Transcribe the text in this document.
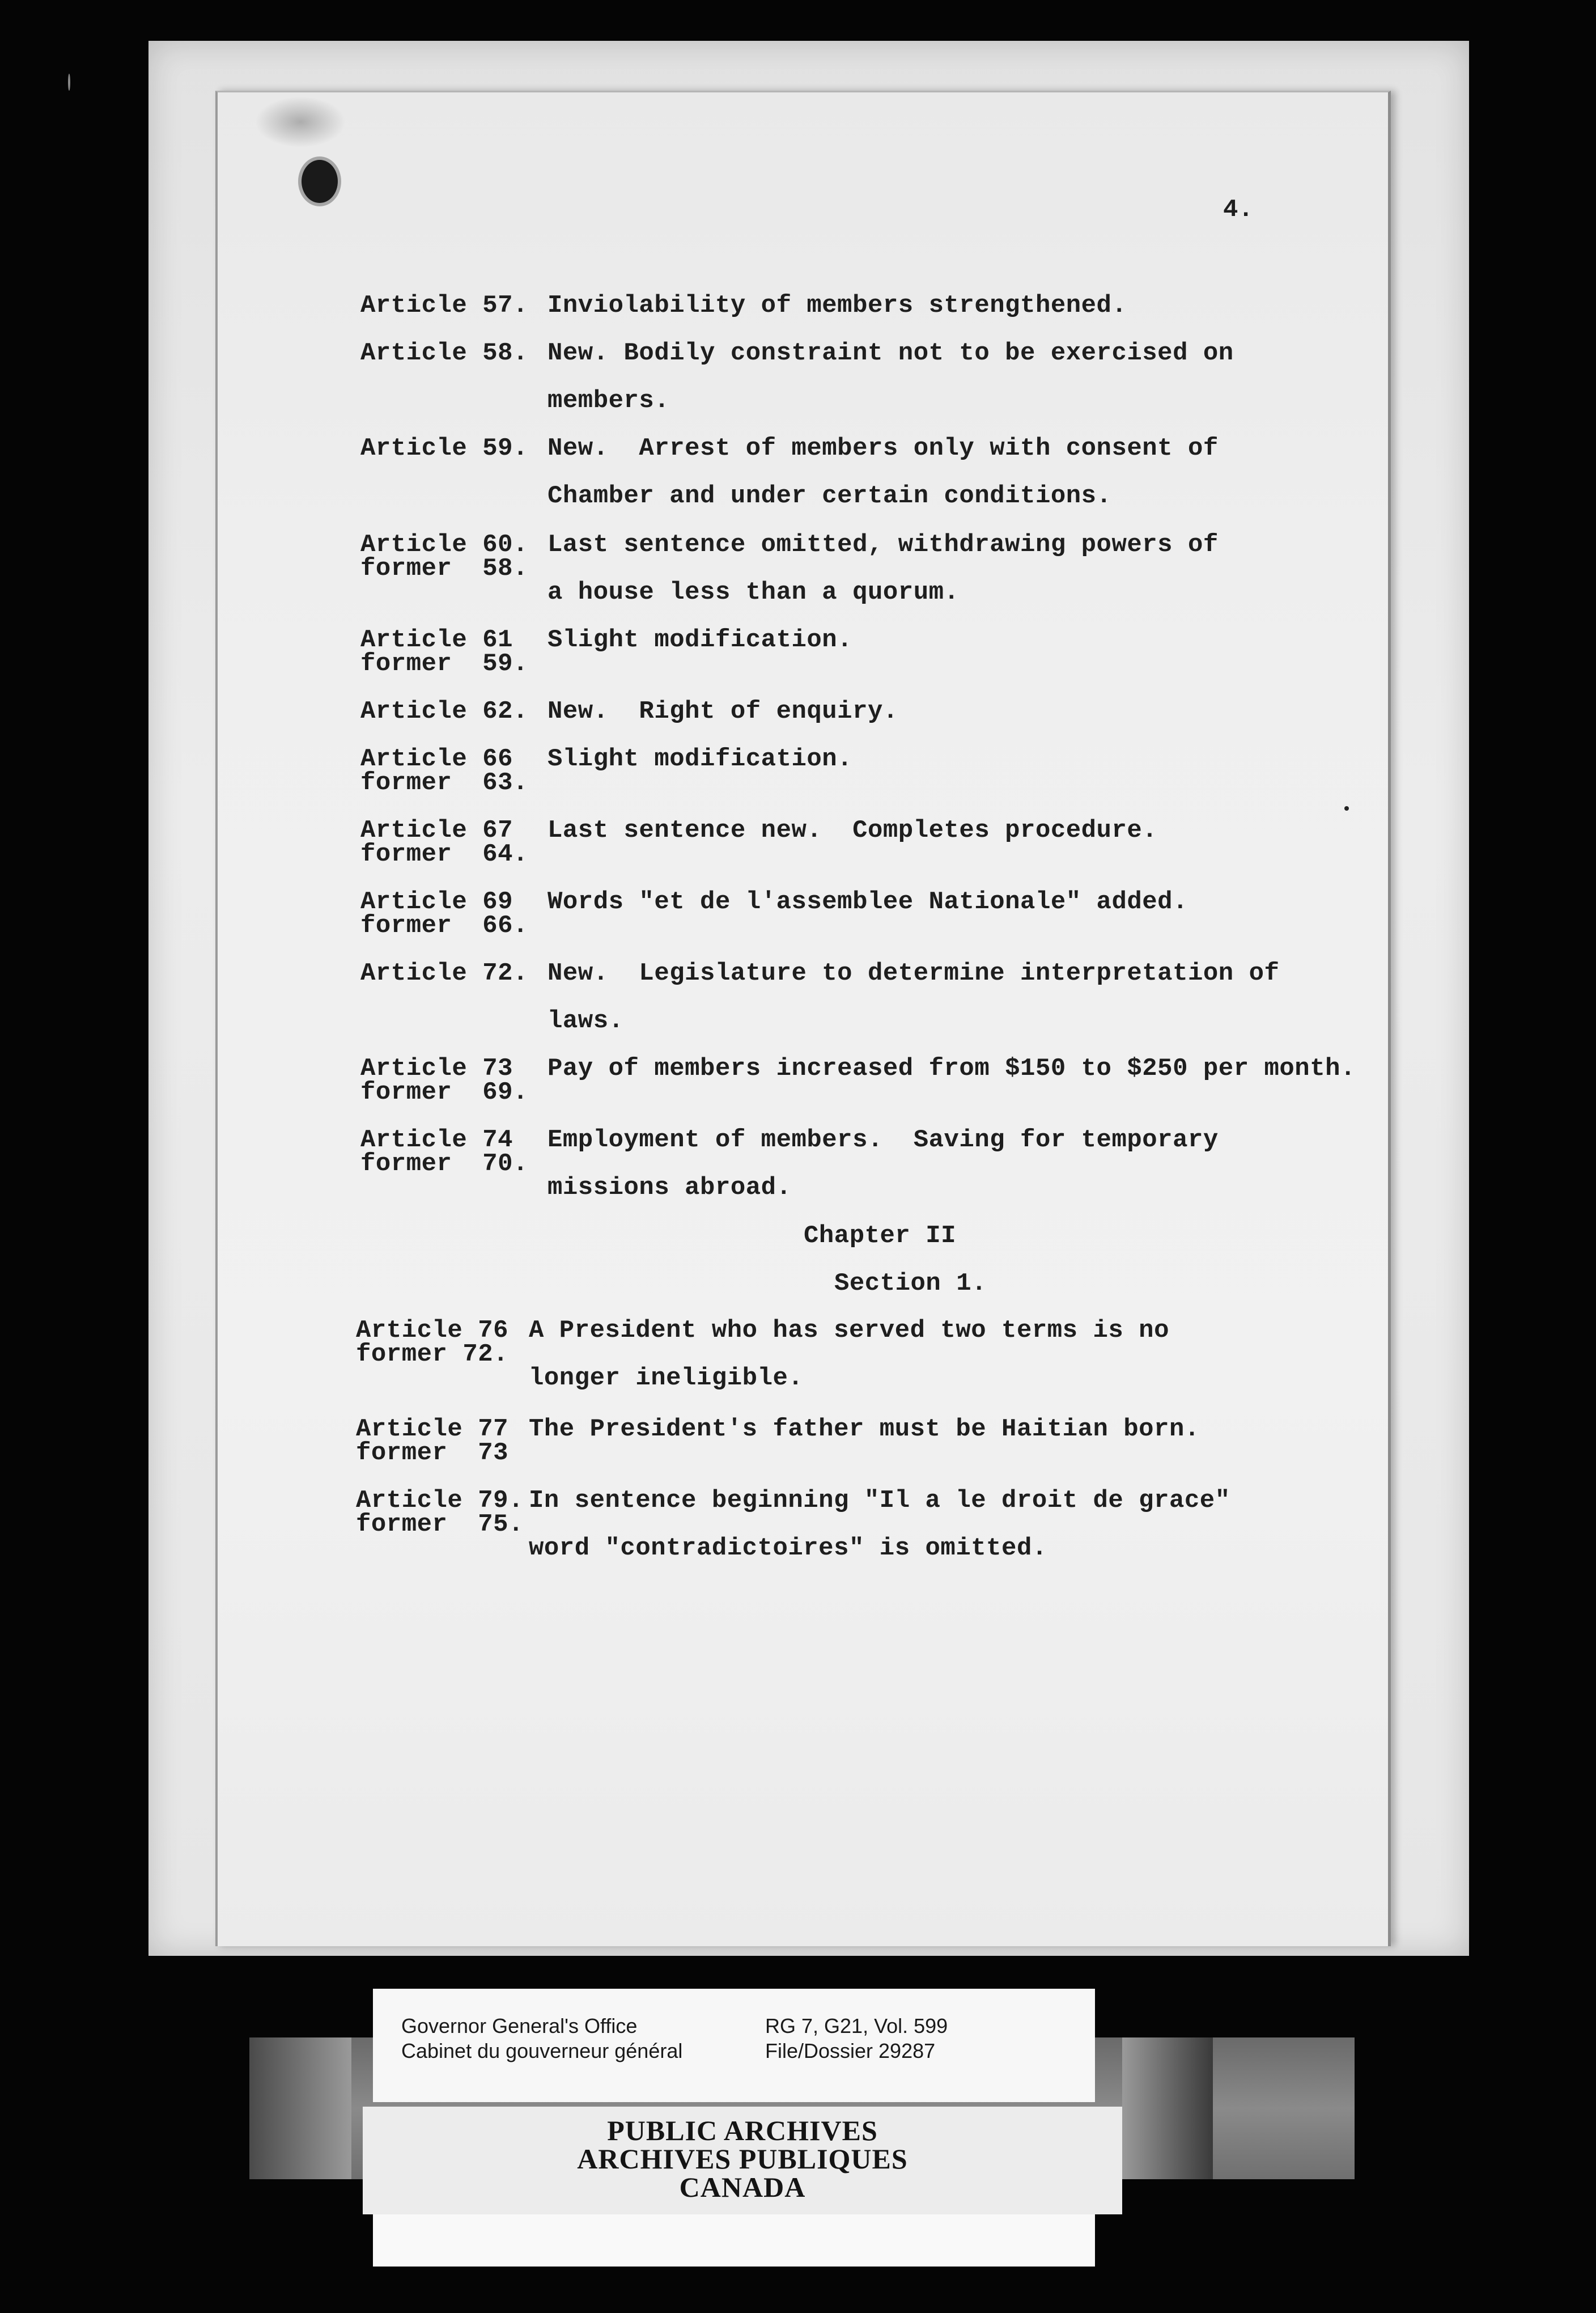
4.

Article 57.

Inviolability of members strengthened.

Article 58.

New. Bodily constraint not to be exercised on

members.

Article 59.

New.  Arrest of members only with consent of

Chamber and under certain conditions.

Article 60.

former  58.

Last sentence omitted, withdrawing powers of

a house less than a quorum.

Article 61

former  59.

Slight modification.

Article 62.

New.  Right of enquiry.

Article 66

former  63.

Slight modification.

Article 67

former  64.

Last sentence new.  Completes procedure.

Article 69

former  66.

Words "et de l'assemblee Nationale" added.

Article 72.

New.  Legislature to determine interpretation of

laws.

Article 73

former  69.

Pay of members increased from $150 to $250 per month.

Article 74

former  70.

Employment of members.  Saving for temporary

missions abroad.

Chapter II
Section 1.

Article 76

former 72.

A President who has served two terms is no

longer ineligible.

Article 77

former  73

The President's father must be Haitian born.

Article 79.

former  75.

In sentence beginning "Il a le droit de grace"

word "contradictoires" is omitted.

Governor General's Office
Cabinet du gouverneur général
RG 7, G21, Vol. 599
File/Dossier 29287
PUBLIC ARCHIVES
ARCHIVES PUBLIQUES
CANADA
